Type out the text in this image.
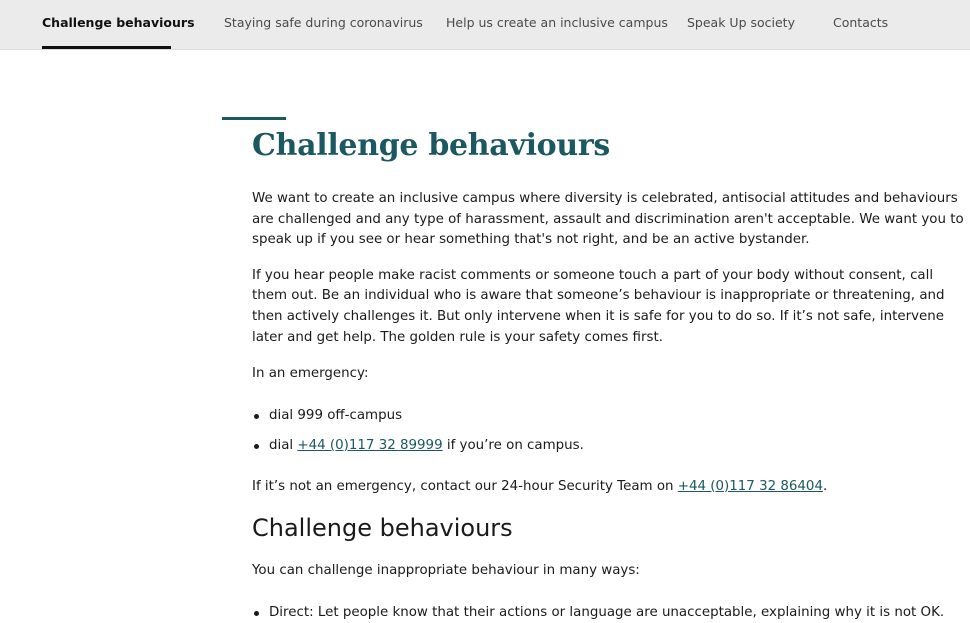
Challenge behaviours Staying safe during coronavirus Help us create an inclusive campus Speak Up society	Contacts
Challenge behaviours

We want to create an inclusive campus where diversity is celebrated, antisocial attitudes and behaviours are challenged and any type of harassment, assault and discrimination aren't acceptable. We want you to speak up if you see or hear something that's not right, and be an active bystander.

If you hear people make racist comments or someone touch a part of your body without consent, call them out. Be an individual who is aware that someone’s behaviour is inappropriate or threatening, and then actively challenges it. But only intervene when it is safe for you to do so. If it’s not safe, intervene later and get help. The golden rule is your safety comes first.

In an emergency:

dial 999 off-campus
dial +44 (0)117 32 89999 if you’re on campus.

If it’s not an emergency, contact our 24-hour Security Team on +44 (0)117 32 86404.

Challenge behaviours

You can challenge inappropriate behaviour in many ways:

Direct: Let people know that their actions or language are unacceptable, explaining why it is not OK.
